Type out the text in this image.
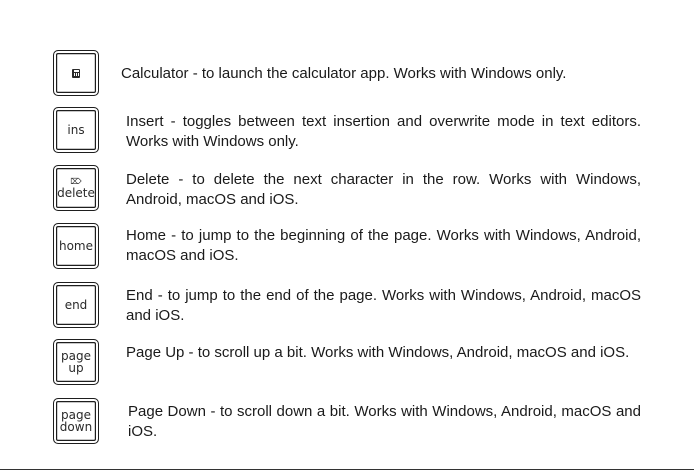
Calculator - to launch the calculator app. Works with Windows only.
ins	Insert - toggles between text insertion and overwrite mode in text editors. Works with Windows only.
⌦
delete
Delete - to delete the next character in the row. Works with Windows, Android, macOS and iOS.
home
Home - to jump to the beginning of the page. Works with Windows, Android, macOS and iOS.
end
End - to jump to the end of the page. Works with Windows, Android, macOS and iOS.
page
up
Page Up - to scroll up a bit. Works with Windows, Android, macOS and iOS.
page
down
Page Down - to scroll down a bit. Works with Windows, Android, macOS and iOS.
